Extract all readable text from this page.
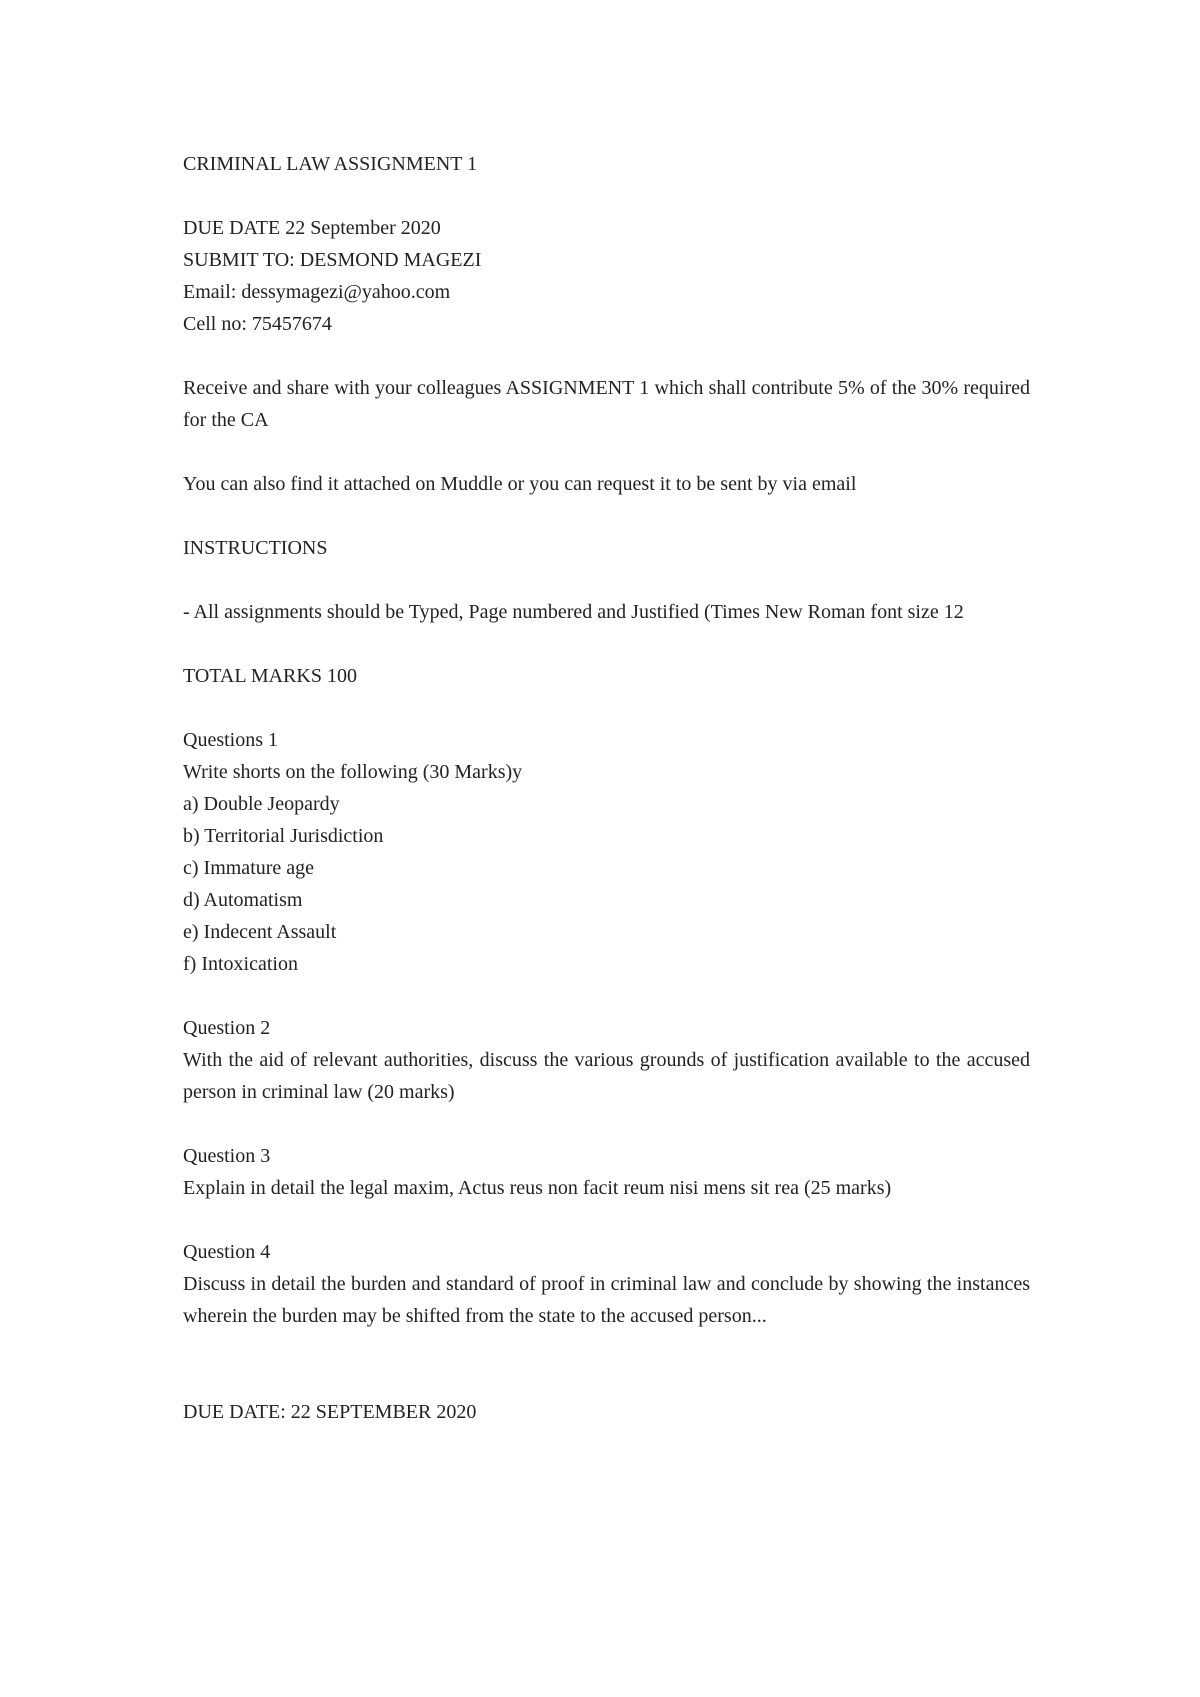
CRIMINAL LAW ASSIGNMENT 1
DUE DATE 22 September 2020
SUBMIT TO: DESMOND MAGEZI
Email: dessymagezi@yahoo.com
Cell no: 75457674

Receive and share with your colleagues ASSIGNMENT 1 which shall contribute 5% of the 30% required for the CA

You can also find it attached on Muddle or you can request it to be sent by via email
INSTRUCTIONS
- All assignments should be Typed, Page numbered and Justified (Times New Roman font size 12
TOTAL MARKS 100
Questions 1
Write shorts on the following (30 Marks)y
a) Double Jeopardy
b) Territorial Jurisdiction
c) Immature age
d) Automatism
e) Indecent Assault
f) Intoxication
Question 2

With the aid of relevant authorities, discuss the various grounds of justification available to the accused person in criminal law (20 marks)

Question 3
Explain in detail the legal maxim, Actus reus non facit reum nisi mens sit rea (25 marks)
Question 4

Discuss in detail the burden and standard of proof in criminal law and conclude by showing the instances wherein the burden may be shifted from the state to the accused person...

DUE DATE: 22 SEPTEMBER 2020
